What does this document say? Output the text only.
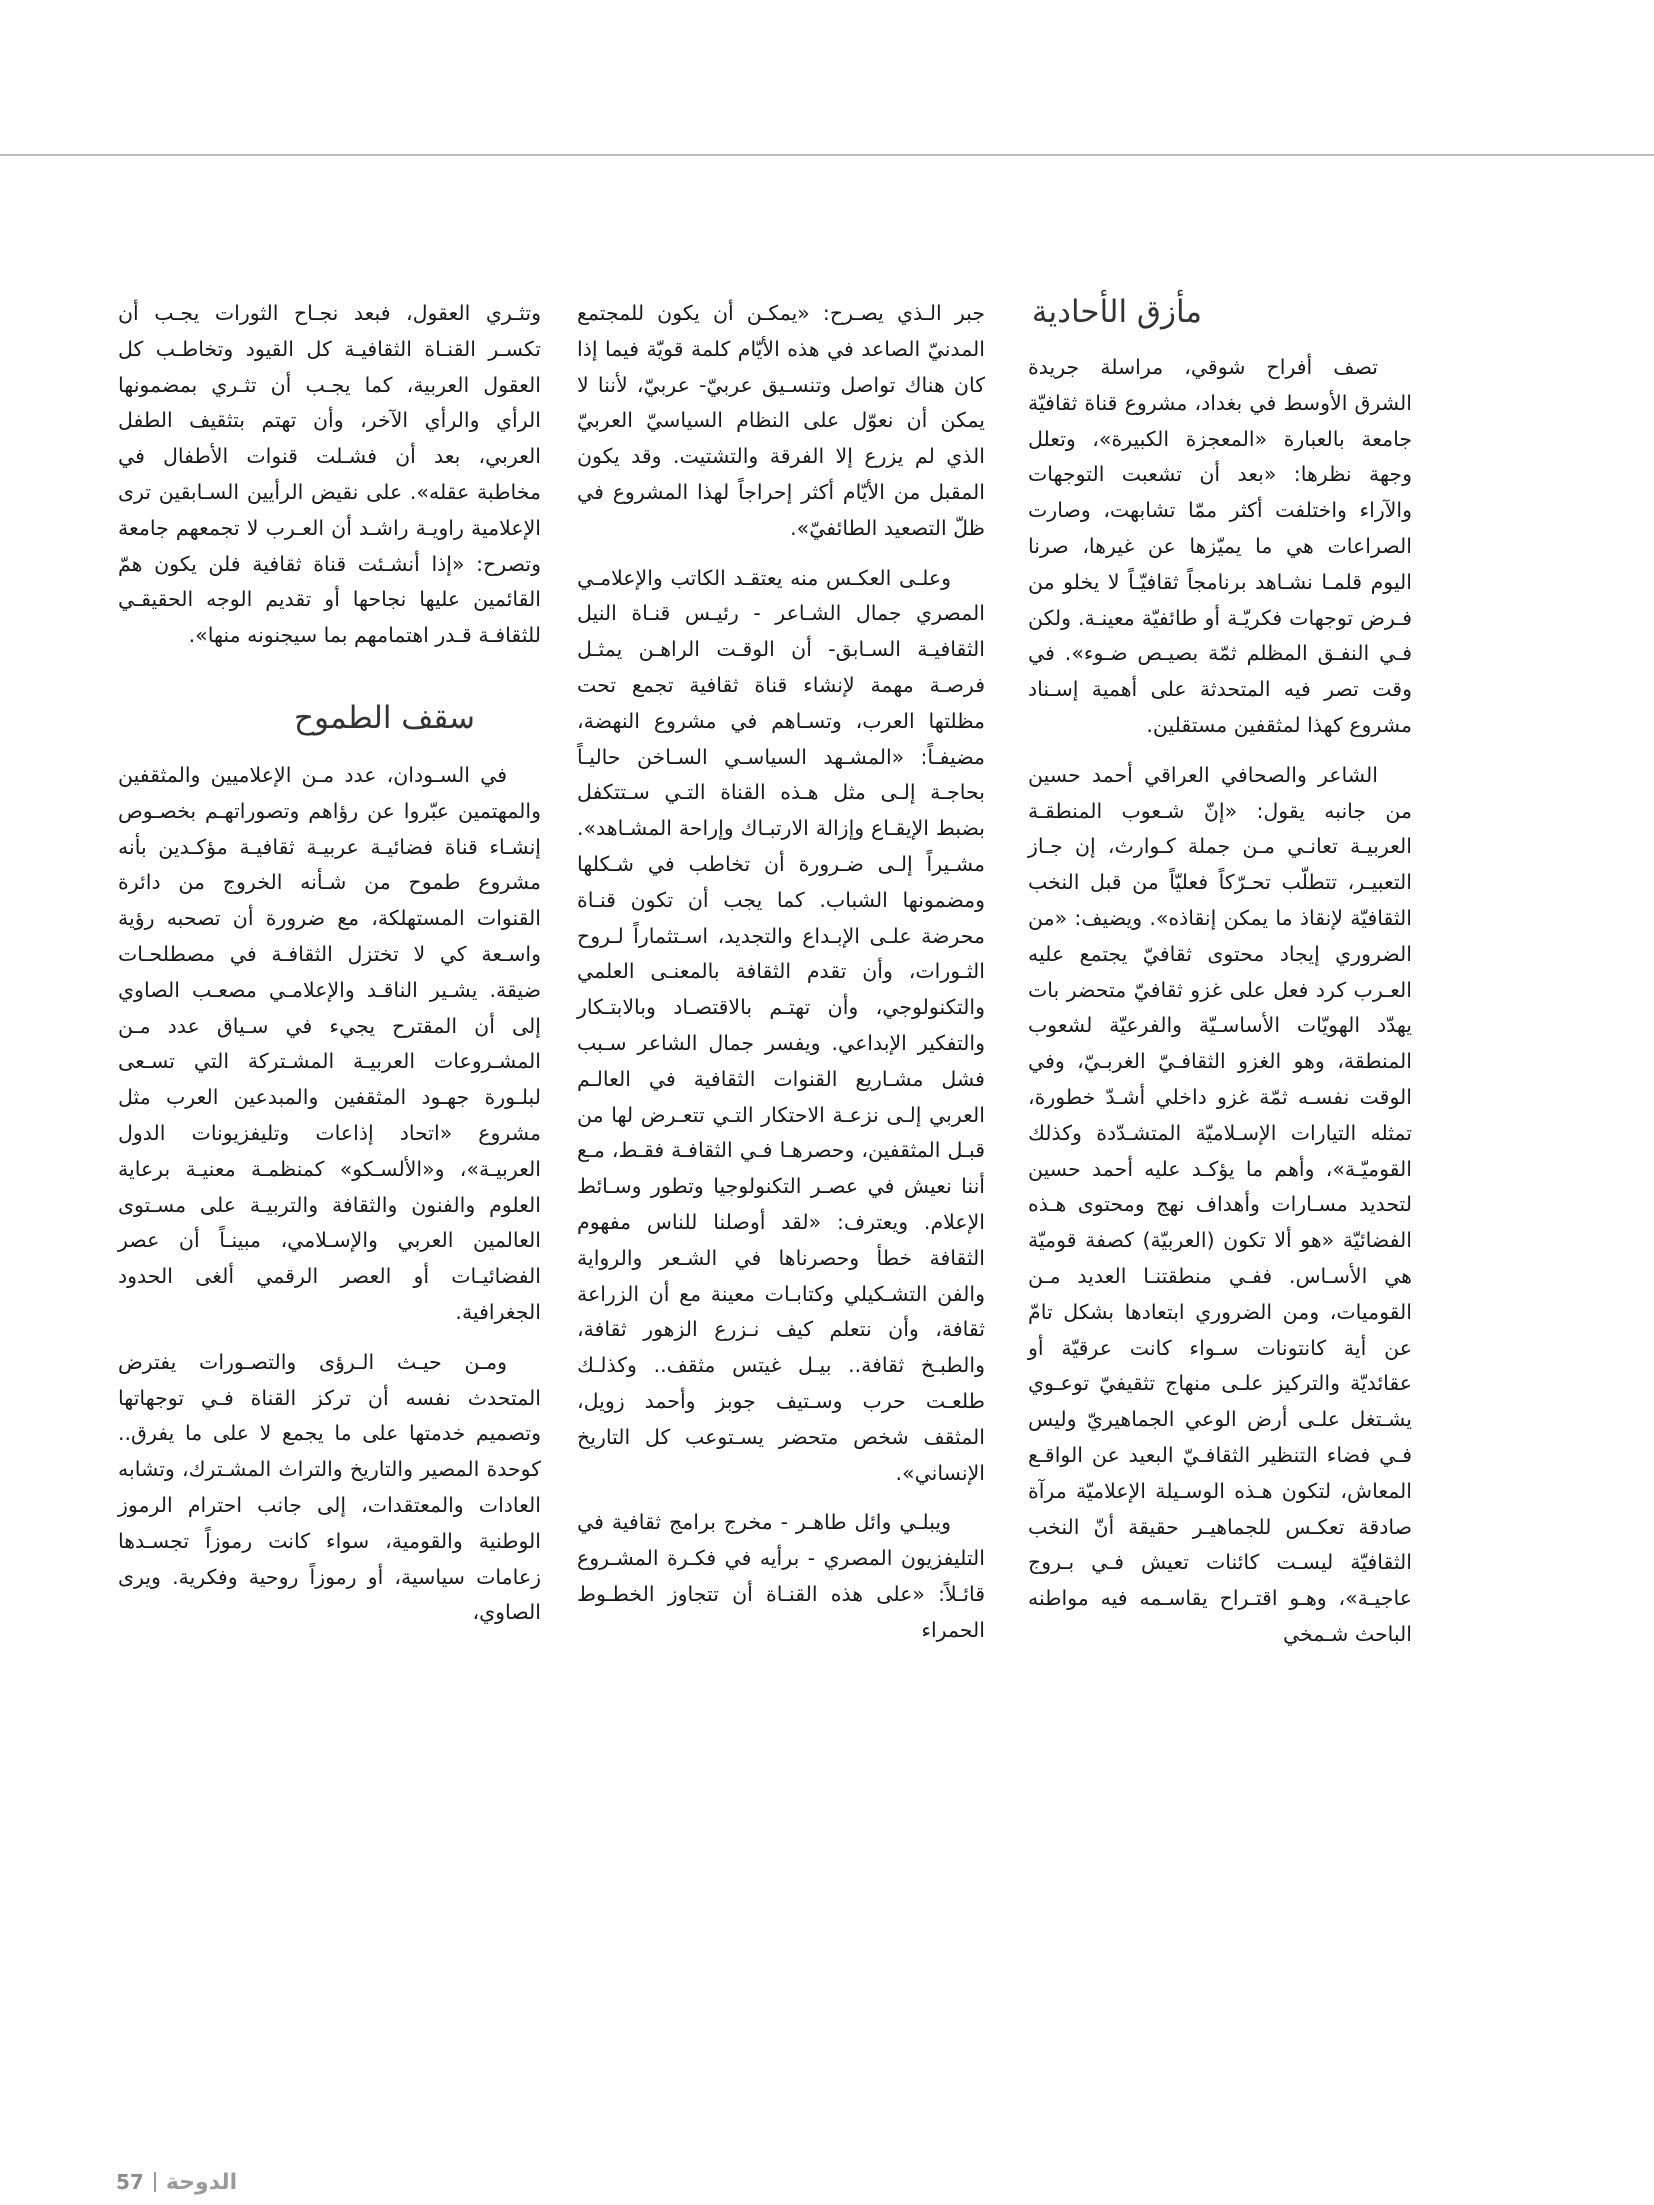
مأزق الأحادية

تصف أفراح شوقي، مراسلة جريدة الشرق الأوسط في بغداد، مشروع قناة ثقافيّة جامعة بالعبارة «المعجزة الكبيرة»، وتعلل وجهة نظرها: «بعد أن تشعبت التوجهات والآراء واختلفت أكثر ممّا تشابهت، وصارت الصراعات هي ما يميّزها عن غيرها، صرنا اليوم قلمـا نشـاهد برنامجاً ثقافيّـاً لا يخلو من فـرض توجهات فكريّـة أو طائفيّة معينـة. ولكن فـي النفـق المظلم ثمّة بصيـص ضـوء». في وقت تصر فيه المتحدثة على أهمية إسـناد مشروع كهذا لمثقفين مستقلين.

الشاعر والصحافي العراقي أحمد حسين من جانبه يقول: «إنّ شـعوب المنطقـة العربيـة تعانـي مـن جملة كـوارث، إن جـاز التعبيـر، تتطلّب تحـرّكاً فعليّاً من قبل النخب الثقافيّة لإنقاذ ما يمكن إنقاذه». ويضيف: «من الضروري إيجاد محتوى ثقافيّ يجتمع عليه العـرب كرد فعل على غزو ثقافيّ متحضر بات يهدّد الهويّات الأساسـيّة والفرعيّة لشعوب المنطقة، وهو الغزو الثقافـيّ الغربـيّ، وفي الوقت نفسـه ثمّة غزو داخلي أشـدّ خطورة، تمثله التيارات الإسـلاميّة المتشـدّدة وكذلك القوميّـة»، وأهم ما يؤكـد عليه أحمد حسين لتحديد مسـارات وأهداف نهج ومحتوى هـذه الفضائيّة «هو ألا تكون (العربيّة) كصفة قوميّة هي الأسـاس. ففـي منطقتنـا العديد مـن القوميات، ومن الضروري ابتعادها بشكل تامّ عن أية كانتونات سـواء كانت عرقيّة أو عقائديّة والتركيز علـى منهاج تثقيفيّ توعـوي يشـتغل علـى أرض الوعي الجماهيريّ وليس فـي فضاء التنظير الثقافـيّ البعيد عن الواقـع المعاش، لتكون هـذه الوسـيلة الإعلاميّة مرآة صادقة تعكـس للجماهيـر حقيقة أنّ النخب الثقافيّة ليسـت كائنات تعيش فـي بـروج عاجيـة»، وهـو اقتـراح يقاسـمه فيه مواطنه الباحث شـمخي

جبر الـذي يصـرح: «يمكـن أن يكون للمجتمع المدنيّ الصاعد في هذه الأيّام كلمة قويّة فيما إذا كان هناك تواصل وتنسـيق عربيّ- عربيّ، لأننا لا يمكن أن نعوّل على النظام السياسيّ العربيّ الذي لم يزرع إلا الفرقة والتشتيت. وقد يكون المقبل من الأيّام أكثر إحراجاً لهذا المشروع في ظلّ التصعيد الطائفيّ».

وعلـى العكـس منه يعتقـد الكاتب والإعلامـي المصري جمال الشـاعر - رئيـس قنـاة النيل الثقافيـة السـابق- أن الوقـت الراهـن يمثـل فرصـة مهمة لإنشاء قناة ثقافية تجمع تحت مظلتها العرب، وتسـاهم في مشروع النهضة، مضيفـاً: «المشـهد السياسـي السـاخن حاليـاً بحاجـة إلـى مثل هـذه القناة التـي سـتتكفل بضبط الإيقـاع وإزالة الارتبـاك وإراحة المشـاهد». مشـيراً إلـى ضـرورة أن تخاطب في شـكلها ومضمونها الشباب. كما يجب أن تكون قنـاة محرضة علـى الإبـداع والتجديد، اسـتثماراً لـروح الثـورات، وأن تقدم الثقافة بالمعنـى العلمي والتكنولوجي، وأن تهتـم بالاقتصـاد وبالابتـكار والتفكير الإبداعي. ويفسر جمال الشاعر سـبب فشل مشـاريع القنوات الثقافية في العالـم العربي إلـى نزعـة الاحتكار التـي تتعـرض لها من قبـل المثقفين، وحصرهـا فـي الثقافـة فقـط، مـع أننا نعيش في عصـر التكنولوجيا وتطور وسـائط الإعلام. ويعترف: «لقد أوصلنا للناس مفهوم الثقافة خطأ وحصرناها في الشـعر والرواية والفن التشـكيلي وكتابـات معينة مع أن الزراعة ثقافة، وأن نتعلم كيف نـزرع الزهور ثقافة، والطبـخ ثقافة.. بيـل غيتس مثقف.. وكذلـك طلعـت حرب وسـتيف جوبز وأحمد زويل، المثقف شخص متحضر يسـتوعب كل التاريخ الإنساني».

ويبلـي وائل طاهـر - مخرج برامج ثقافية في التليفزيون المصري - برأيه في فكـرة المشـروع قائـلاً: «على هذه القنـاة أن تتجاوز الخطـوط الحمراء

وتثـري العقول، فبعد نجـاح الثورات يجـب أن تكسـر القنـاة الثقافيـة كل القيود وتخاطـب كل العقول العربية، كما يجـب أن تثـري بمضمونها الرأي والرأي الآخر، وأن تهتم بتثقيف الطفل العربي، بعد أن فشـلت قنوات الأطفال في مخاطبة عقله». على نقيض الرأيين السـابقين ترى الإعلامية راويـة راشـد أن العـرب لا تجمعهم جامعة وتصرح: «إذا أنشـئت قناة ثقافية فلن يكون همّ القائمين عليها نجاحها أو تقديم الوجه الحقيقـي للثقافـة قـدر اهتمامهم بما سيجنونه منها».

سقف الطموح

في السـودان، عدد مـن الإعلاميين والمثقفين والمهتمين عبّروا عن رؤاهم وتصوراتهـم بخصـوص إنشـاء قناة فضائيـة عربيـة ثقافيـة مؤكـدين بأنه مشروع طموح من شـأنه الخروج من دائرة القنوات المستهلكة، مع ضرورة أن تصحبه رؤية واسـعة كي لا تختزل الثقافـة في مصطلحـات ضيقة. يشـير الناقـد والإعلامـي مصعـب الصاوي إلى أن المقترح يجيء في سـياق عدد مـن المشـروعات العربيـة المشـتركة التي تسـعى لبلـورة جهـود المثقفين والمبدعين العرب مثل مشروع «اتحاد إذاعات وتليفزيونات الدول العربيـة»، و«الألسـكو» كمنظمـة معنيـة برعاية العلوم والفنون والثقافة والتربيـة على مسـتوى العالمين العربي والإسـلامي، مبينـاً أن عصر الفضائيـات أو العصر الرقمي ألغى الحدود الجغرافية.

ومـن حيـث الـرؤى والتصـورات يفترض المتحدث نفسه أن تركز القناة فـي توجهاتها وتصميم خدمتها على ما يجمع لا على ما يفرق.. كوحدة المصير والتاريخ والتراث المشـترك، وتشابه العادات والمعتقدات، إلى جانب احترام الرموز الوطنية والقومية، سواء كانت رموزاً تجسـدها زعامات سياسية، أو رموزاً روحية وفكرية. ويرى الصاوي،

57 الدوحة
